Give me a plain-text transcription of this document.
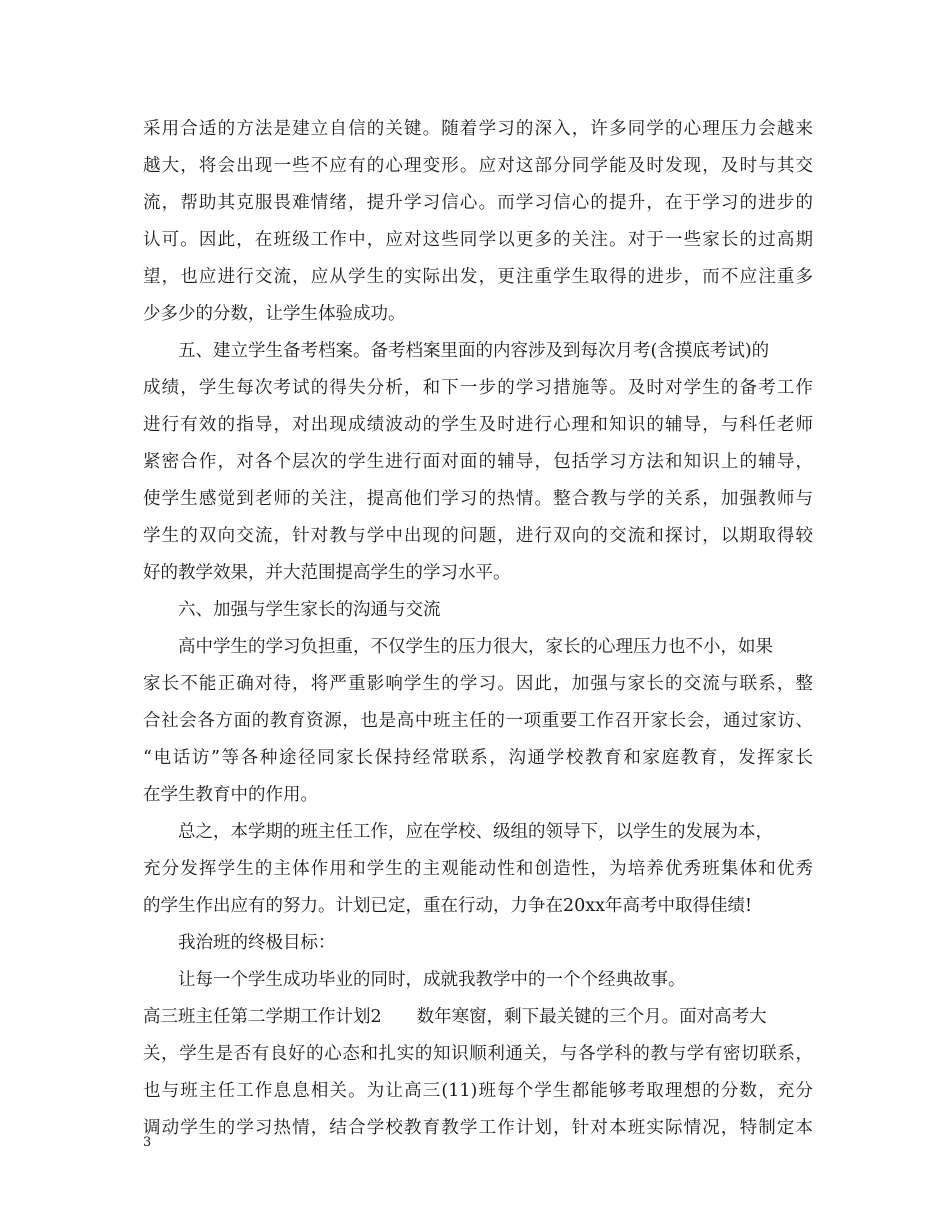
采用合适的方法是建立自信的关键。随着学习的深入，许多同学的心理压力会越来
越大，将会出现一些不应有的心理变形。应对这部分同学能及时发现，及时与其交
流，帮助其克服畏难情绪，提升学习信心。而学习信心的提升，在于学习的进步的
认可。因此，在班级工作中，应对这些同学以更多的关注。对于一些家长的过高期
望，也应进行交流，应从学生的实际出发，更注重学生取得的进步，而不应注重多
少多少的分数，让学生体验成功。
五、建立学生备考档案。备考档案里面的内容涉及到每次月考(含摸底考试)的
成绩，学生每次考试的得失分析，和下一步的学习措施等。及时对学生的备考工作
进行有效的指导，对出现成绩波动的学生及时进行心理和知识的辅导，与科任老师
紧密合作，对各个层次的学生进行面对面的辅导，包括学习方法和知识上的辅导，
使学生感觉到老师的关注，提高他们学习的热情。整合教与学的关系，加强教师与
学生的双向交流，针对教与学中出现的问题，进行双向的交流和探讨，以期取得较
好的教学效果，并大范围提高学生的学习水平。
六、加强与学生家长的沟通与交流
高中学生的学习负担重，不仅学生的压力很大，家长的心理压力也不小，如果
家长不能正确对待，将严重影响学生的学习。因此，加强与家长的交流与联系，整
合社会各方面的教育资源，也是高中班主任的一项重要工作召开家长会，通过家访、
“电话访”等各种途径同家长保持经常联系，沟通学校教育和家庭教育，发挥家长
在学生教育中的作用。
总之，本学期的班主任工作，应在学校、级组的领导下，以学生的发展为本，
充分发挥学生的主体作用和学生的主观能动性和创造性，为培养优秀班集体和优秀
的学生作出应有的努力。计划已定，重在行动，力争在20xx年高考中取得佳绩!
我治班的终极目标：
让每一个学生成功毕业的同时，成就我教学中的一个个经典故事。
高三班主任第二学期工作计划2　　数年寒窗，剩下最关键的三个月。面对高考大
关，学生是否有良好的心态和扎实的知识顺利通关，与各学科的教与学有密切联系，
也与班主任工作息息相关。为让高三(11)班每个学生都能够考取理想的分数，充分
调动学生的学习热情，结合学校教育教学工作计划，针对本班实际情况，特制定本
3
